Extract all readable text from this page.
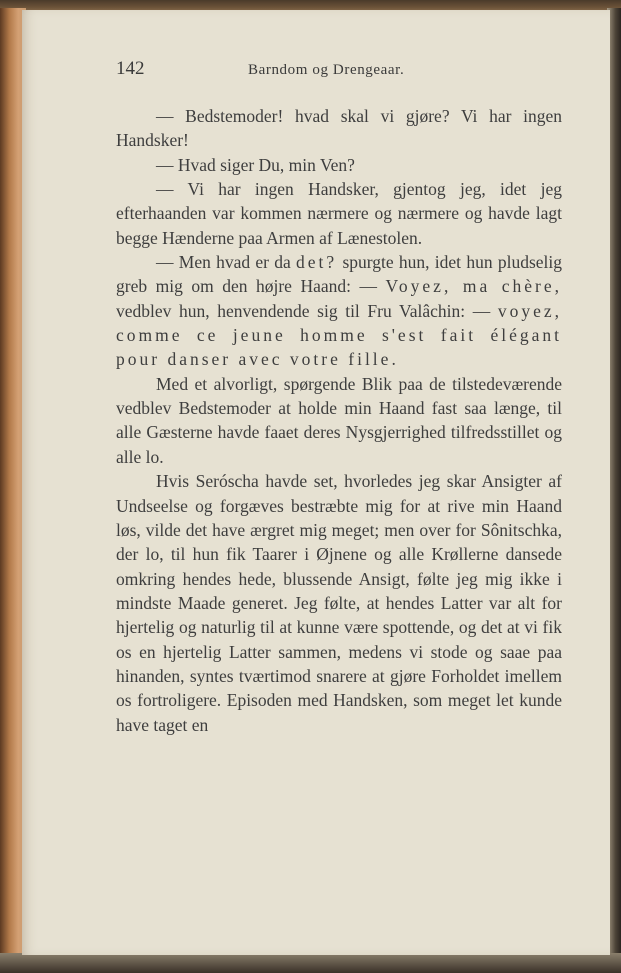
142	Barndom og Drengeaar.

— Bedstemoder! hvad skal vi gjøre? Vi har ingen Handsker!

— Hvad siger Du, min Ven?

— Vi har ingen Handsker, gjentog jeg, idet jeg efterhaanden var kommen nærmere og nærmere og havde lagt begge Hænderne paa Armen af Lænestolen.

— Men hvad er da det? spurgte hun, idet hun pludselig greb mig om den højre Haand: — Voyez, ma chère, vedblev hun, henvendende sig til Fru Valâchin: — voyez, comme ce jeune homme s'est fait élégant pour danser avec votre fille.

Med et alvorligt, spørgende Blik paa de tilstedeværende vedblev Bedstemoder at holde min Haand fast saa længe, til alle Gæsterne havde faaet deres Nysgjerrighed tilfredsstillet og alle lo.

Hvis Seróscha havde set, hvorledes jeg skar Ansigter af Undseelse og forgæves bestræbte mig for at rive min Haand løs, vilde det have ærgret mig meget; men over for Sônitschka, der lo, til hun fik Taarer i Øjnene og alle Krøllerne dansede omkring hendes hede, blussende Ansigt, følte jeg mig ikke i mindste Maade generet. Jeg følte, at hendes Latter var alt for hjertelig og naturlig til at kunne være spottende, og det at vi fik os en hjertelig Latter sammen, medens vi stode og saae paa hinanden, syntes tværtimod snarere at gjøre Forholdet imellem os fortroligere. Episoden med Handsken, som meget let kunde have taget en
